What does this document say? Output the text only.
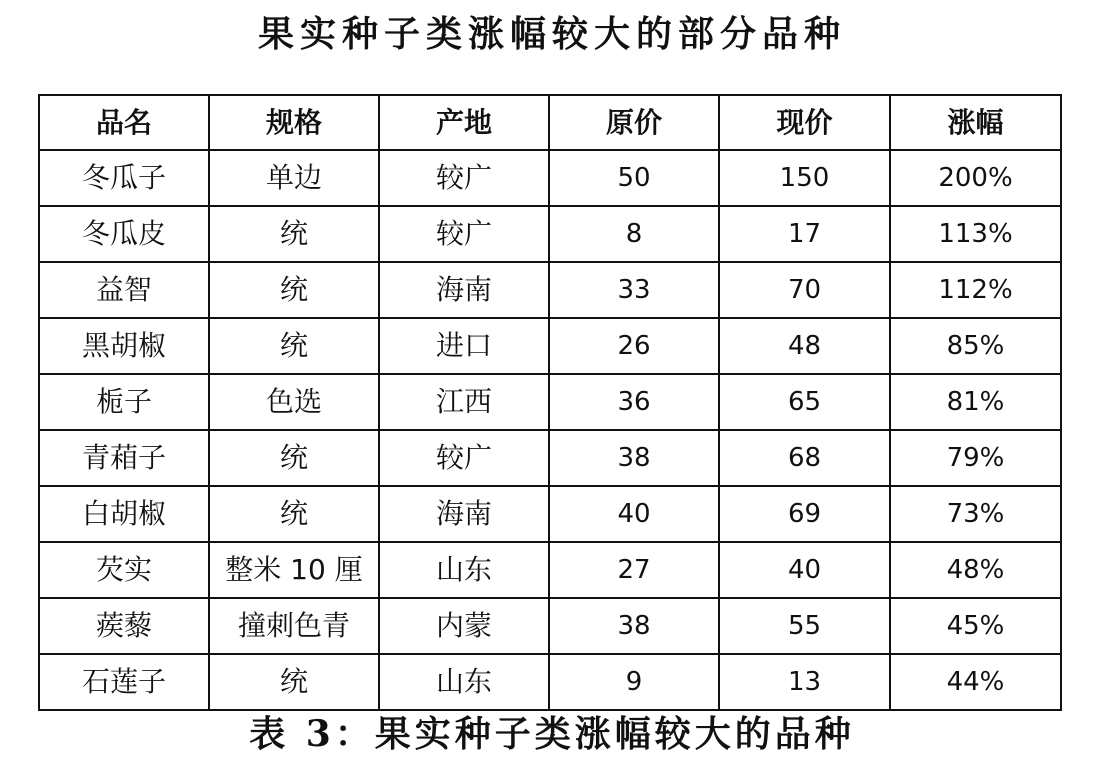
果实种子类涨幅较大的部分品种
品名	规格	产地	原价	现价	涨幅
冬瓜子	单边	较广	50	150	200%
冬瓜皮	统	较广	8	17	113%
益智	统	海南	33	70	112%
黑胡椒	统	进口	26	48	85%
栀子	色选	江西	36	65	81%
青葙子	统	较广	38	68	79%
白胡椒	统	海南	40	69	73%
芡实	整米 10 厘	山东	27	40	48%
蒺藜	撞刺色青	内蒙	38	55	45%
石莲子	统	山东	9	13	44%
表 3：果实种子类涨幅较大的品种
